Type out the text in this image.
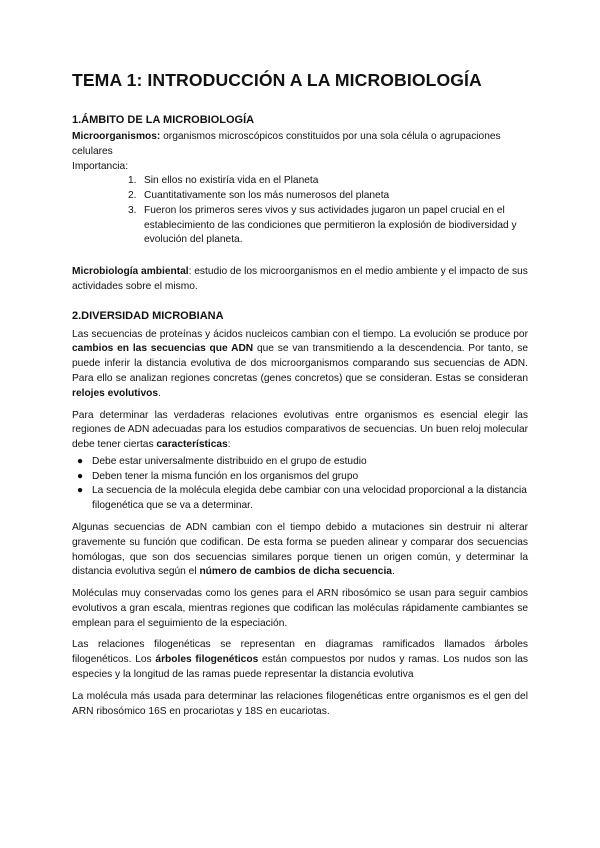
TEMA 1: INTRODUCCIÓN A LA MICROBIOLOGÍA
1.ÁMBITO DE LA MICROBIOLOGÍA

Microorganismos: organismos microscópicos constituidos por una sola célula o agrupaciones celulares

Importancia:

1. Sin ellos no existiría vida en el Planeta
2. Cuantitativamente son los más numerosos del planeta
3. Fueron los primeros seres vivos y sus actividades jugaron un papel crucial en el establecimiento de las condiciones que permitieron la explosión de biodiversidad y evolución del planeta.

Microbiología ambiental: estudio de los microorganismos en el medio ambiente y el impacto de sus actividades sobre el mismo.

2.DIVERSIDAD MICROBIANA

Las secuencias de proteínas y ácidos nucleicos cambian con el tiempo. La evolución se produce por cambios en las secuencias que ADN que se van transmitiendo a la descendencia. Por tanto, se puede inferir la distancia evolutiva de dos microorganismos comparando sus secuencias de ADN. Para ello se analizan regiones concretas (genes concretos) que se consideran. Estas se consideran relojes evolutivos.

Para determinar las verdaderas relaciones evolutivas entre organismos es esencial elegir las regiones de ADN adecuadas para los estudios comparativos de secuencias. Un buen reloj molecular debe tener ciertas características:

● Debe estar universalmente distribuido en el grupo de estudio
● Deben tener la misma función en los organismos del grupo
● La secuencia de la molécula elegida debe cambiar con una velocidad proporcional a la distancia filogenética que se va a determinar.

Algunas secuencias de ADN cambian con el tiempo debido a mutaciones sin destruir ni alterar gravemente su función que codifican. De esta forma se pueden alinear y comparar dos secuencias homólogas, que son dos secuencias similares porque tienen un origen común, y determinar la distancia evolutiva según el número de cambios de dicha secuencia.

Moléculas muy conservadas como los genes para el ARN ribosómico se usan para seguir cambios evolutivos a gran escala, mientras regiones que codifican las moléculas rápidamente cambiantes se emplean para el seguimiento de la especiación.

Las relaciones filogenéticas se representan en diagramas ramificados llamados árboles filogenéticos. Los árboles filogenéticos están compuestos por nudos y ramas. Los nudos son las especies y la longitud de las ramas puede representar la distancia evolutiva

La molécula más usada para determinar las relaciones filogenéticas entre organismos es el gen del ARN ribosómico 16S en procariotas y 18S en eucariotas.
